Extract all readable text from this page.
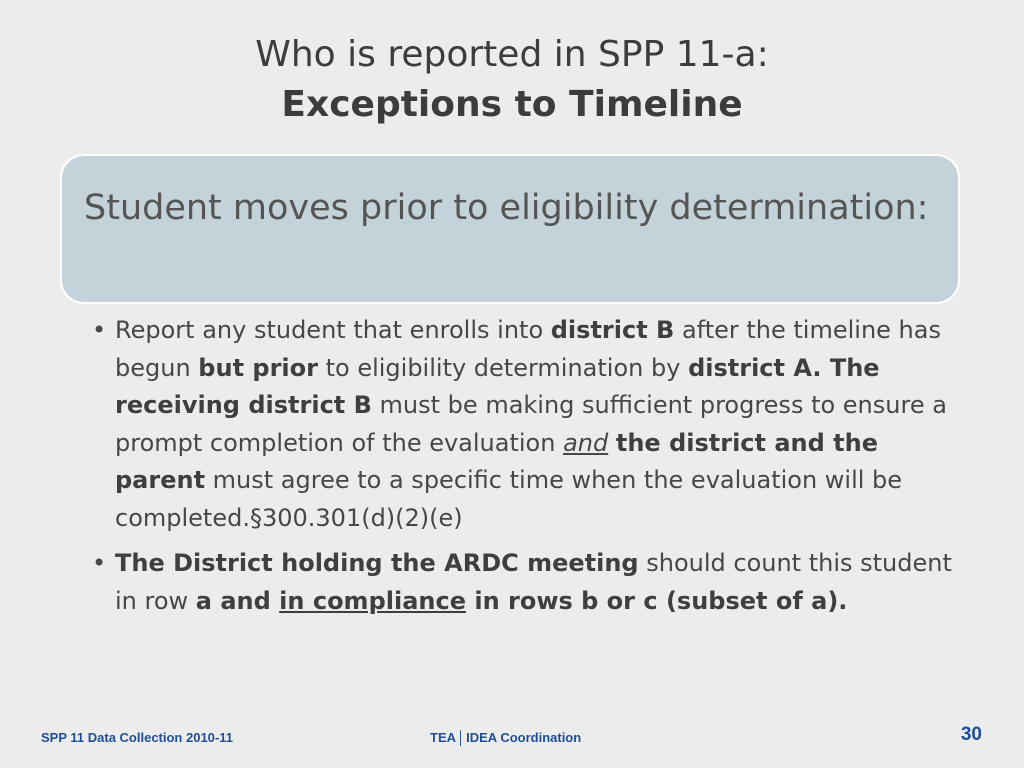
Who is reported in SPP 11-a:
Exceptions to Timeline
Student moves prior to eligibility determination:
• Report any student that enrolls into district B after the timeline has begun but prior to eligibility determination by district A. The receiving district B must be making sufficient progress to ensure a prompt completion of the evaluation and the district and the parent must agree to a specific time when the evaluation will be completed.§300.301(d)(2)(e)
• The District holding the ARDC meeting should count this student in row a and in compliance in rows b or c (subset of a).
SPP 11 Data Collection 2010-11	TEA│IDEA Coordination	30
